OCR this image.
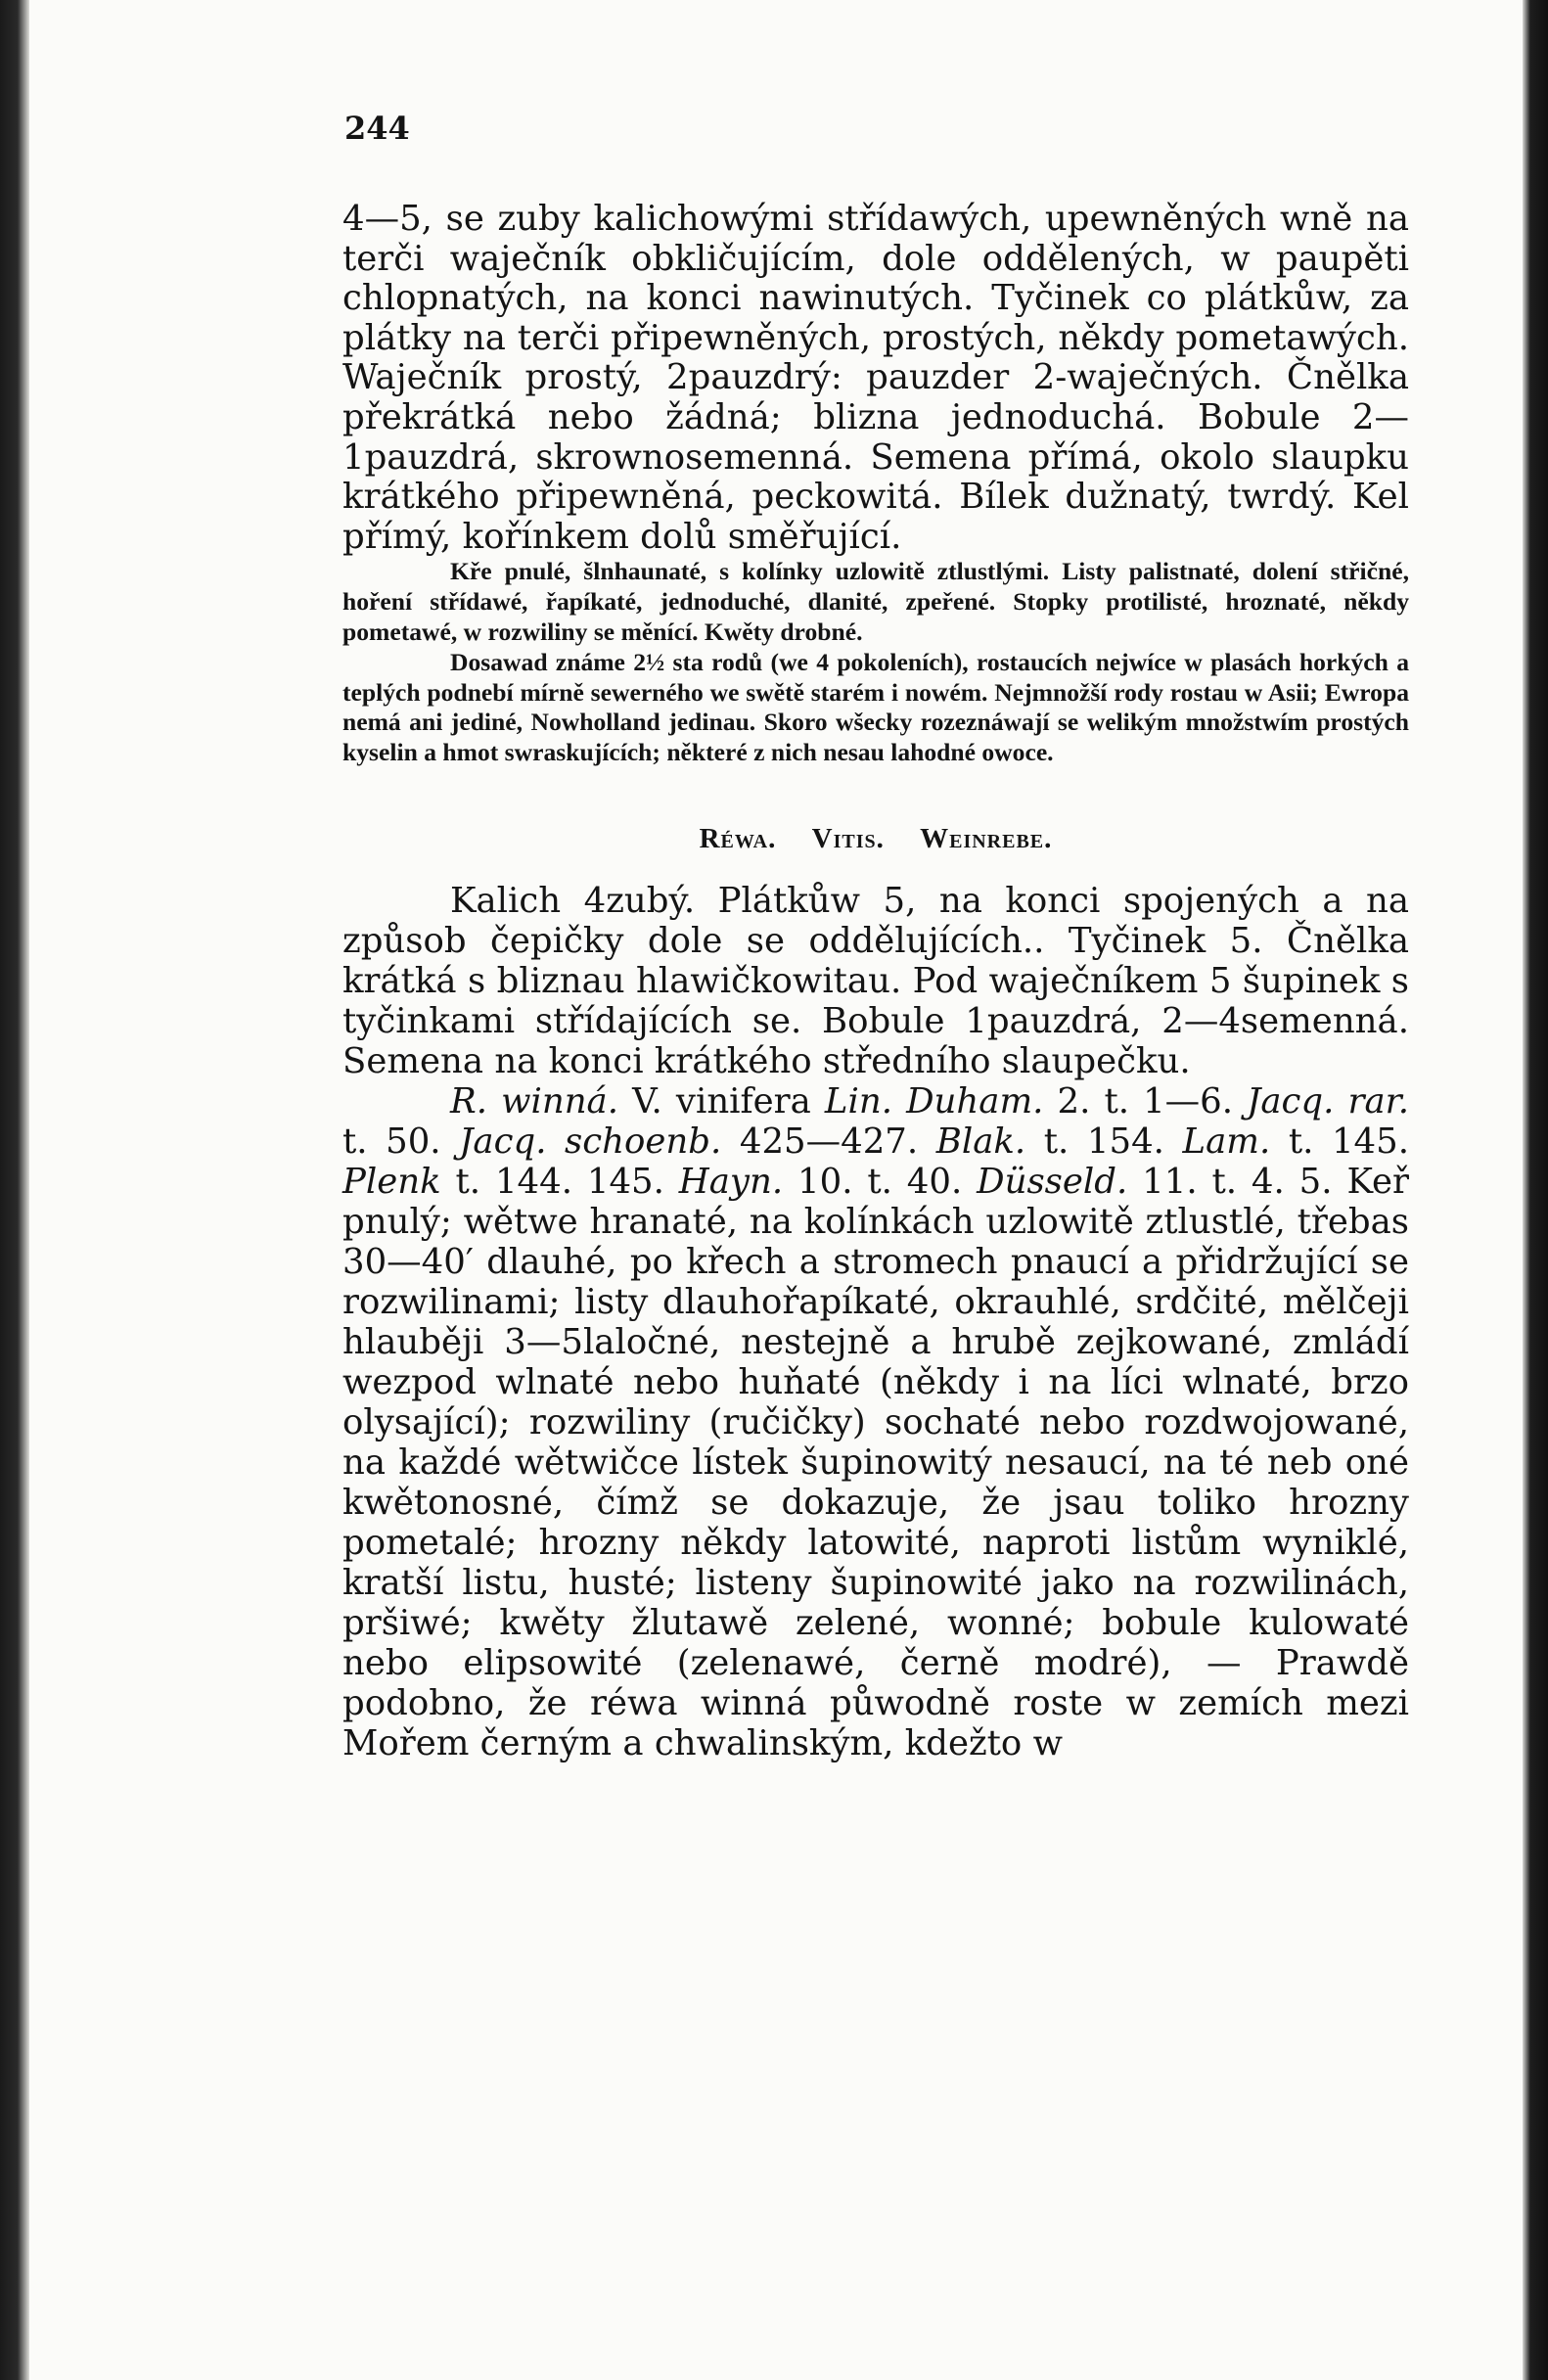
244

4—5, se zuby kalichowými střídawých, upewněných wně na terči waječník obkličujícím, dole oddělených, w paupěti chlopnatých, na konci nawinutých. Tyčinek co plátkůw, za plátky na terči připewněných, prostých, někdy pometawých. Waječník prostý, 2pauzdrý: pauzder 2-waječných. Čnělka překrátká nebo žádná; blizna jednoduchá. Bobule 2—1pauzdrá, skrownosemenná. Semena přímá, okolo slaupku krátkého připewněná, peckowitá. Bílek dužnatý, twrdý. Kel přímý, kořínkem dolů směřující.

Kře pnulé, šlnhaunaté, s kolínky uzlowitě ztlustlými. Listy palistnaté, dolení střičné, hoření střídawé, řapíkaté, jednoduché, dlanité, zpeřené. Stopky protilisté, hroznaté, někdy pometawé, w rozwiliny se měnící. Kwěty drobné.

Dosawad známe 2½ sta rodů (we 4 pokoleních), rostaucích nejwíce w plasách horkých a teplých podnebí mírně sewerného we swětě starém i nowém. Nejmnožší rody rostau w Asii; Ewropa nemá ani jediné, Nowholland jedinau. Skoro wšecky rozeznáwají se welikým množstwím prostých kyselin a hmot swraskujících; některé z nich nesau lahodné owoce.

Réwa. Vitis. Weinrebe.

Kalich 4zubý. Plátkůw 5, na konci spojených a na způsob čepičky dole se oddělujících.. Tyčinek 5. Čnělka krátká s bliznau hlawičkowitau. Pod waječníkem 5 šupinek s tyčinkami střídajících se. Bobule 1pauzdrá, 2—4semenná. Semena na konci krátkého středního slaupečku.

R. winná. V. vinifera Lin. Duham. 2. t. 1—6. Jacq. rar. t. 50. Jacq. schoenb. 425—427. Blak. t. 154. Lam. t. 145. Plenk t. 144. 145. Hayn. 10. t. 40. Düsseld. 11. t. 4. 5. Keř pnulý; wětwe hranaté, na kolínkách uzlowitě ztlustlé, třebas 30—40′ dlauhé, po křech a stromech pnaucí a přidržující se rozwilinami; listy dlauhořapíkaté, okrauhlé, srdčité, mělčeji hlauběji 3—5laločné, nestejně a hrubě zejkowané, zmládí wezpod wlnaté nebo huňaté (někdy i na líci wlnaté, brzo olysající); rozwiliny (ručičky) sochaté nebo rozdwojowané, na každé wětwičce lístek šupinowitý nesaucí, na té neb oné kwětonosné, čímž se dokazuje, že jsau toliko hrozny pometalé; hrozny někdy latowité, naproti listům wyniklé, kratší listu, husté; listeny šupinowité jako na rozwilinách, pršiwé; kwěty žlutawě zelené, wonné; bobule kulowaté nebo elipsowité (zelenawé, černě modré), — Prawdě podobno, že réwa winná půwodně roste w zemích mezi Mořem černým a chwalinským, kdežto w
